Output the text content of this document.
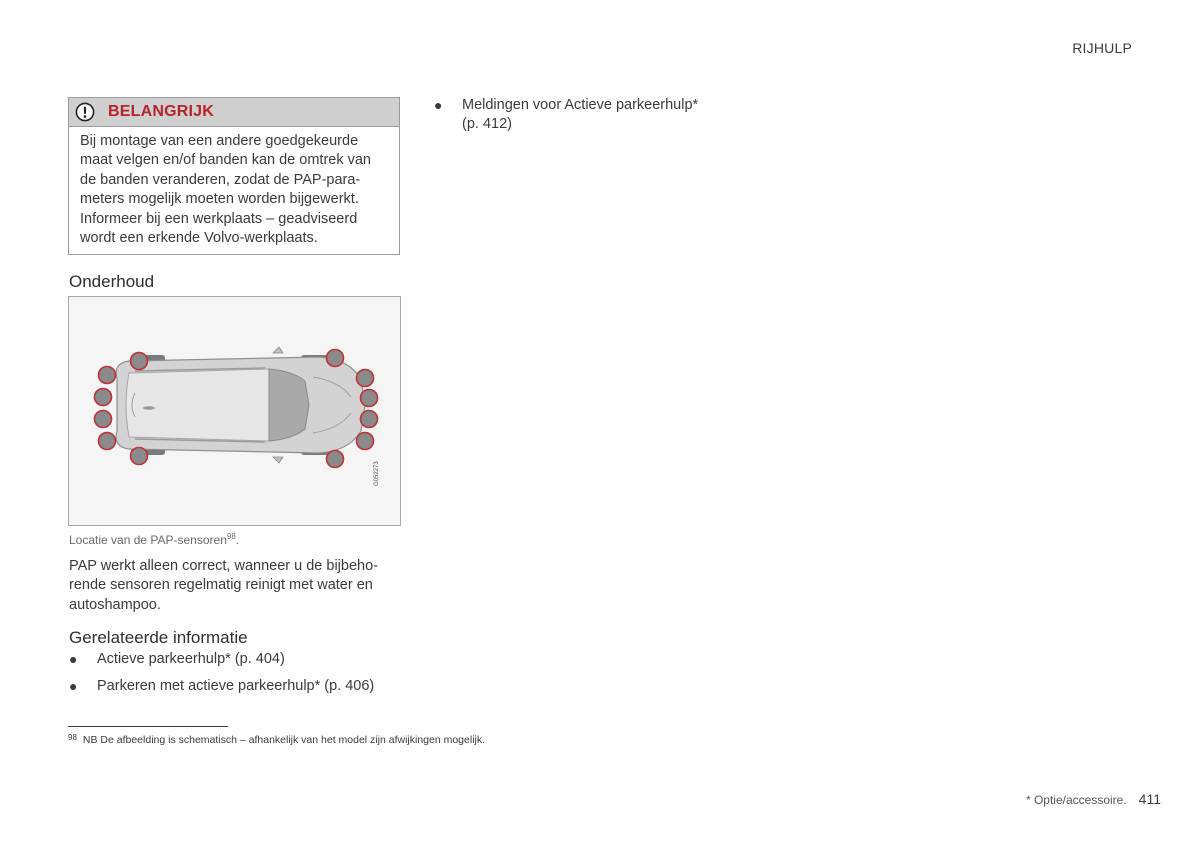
RIJHULP
BELANGRIJK
Bij montage van een andere goedgekeurde
maat velgen en/of banden kan de omtrek van
de banden veranderen, zodat de PAP-para-
meters mogelijk moeten worden bijgewerkt.
Informeer bij een werkplaats – geadviseerd
wordt een erkende Volvo-werkplaats.
Onderhoud
G052273
Locatie van de PAP-sensoren$^{98}$.
PAP werkt alleen correct, wanneer u de bijbeho-
rende sensoren regelmatig reinigt met water en
autoshampoo.
Gerelateerde informatie
●	Actieve parkeerhulp* (p. 404)
●	Parkeren met actieve parkeerhulp* (p. 406)
●	Meldingen voor Actieve parkeerhulp*
(p. 412)
$^{98}$ NB De afbeelding is schematisch – afhankelijk van het model zijn afwijkingen mogelijk.
* Optie/accessoire. 411
